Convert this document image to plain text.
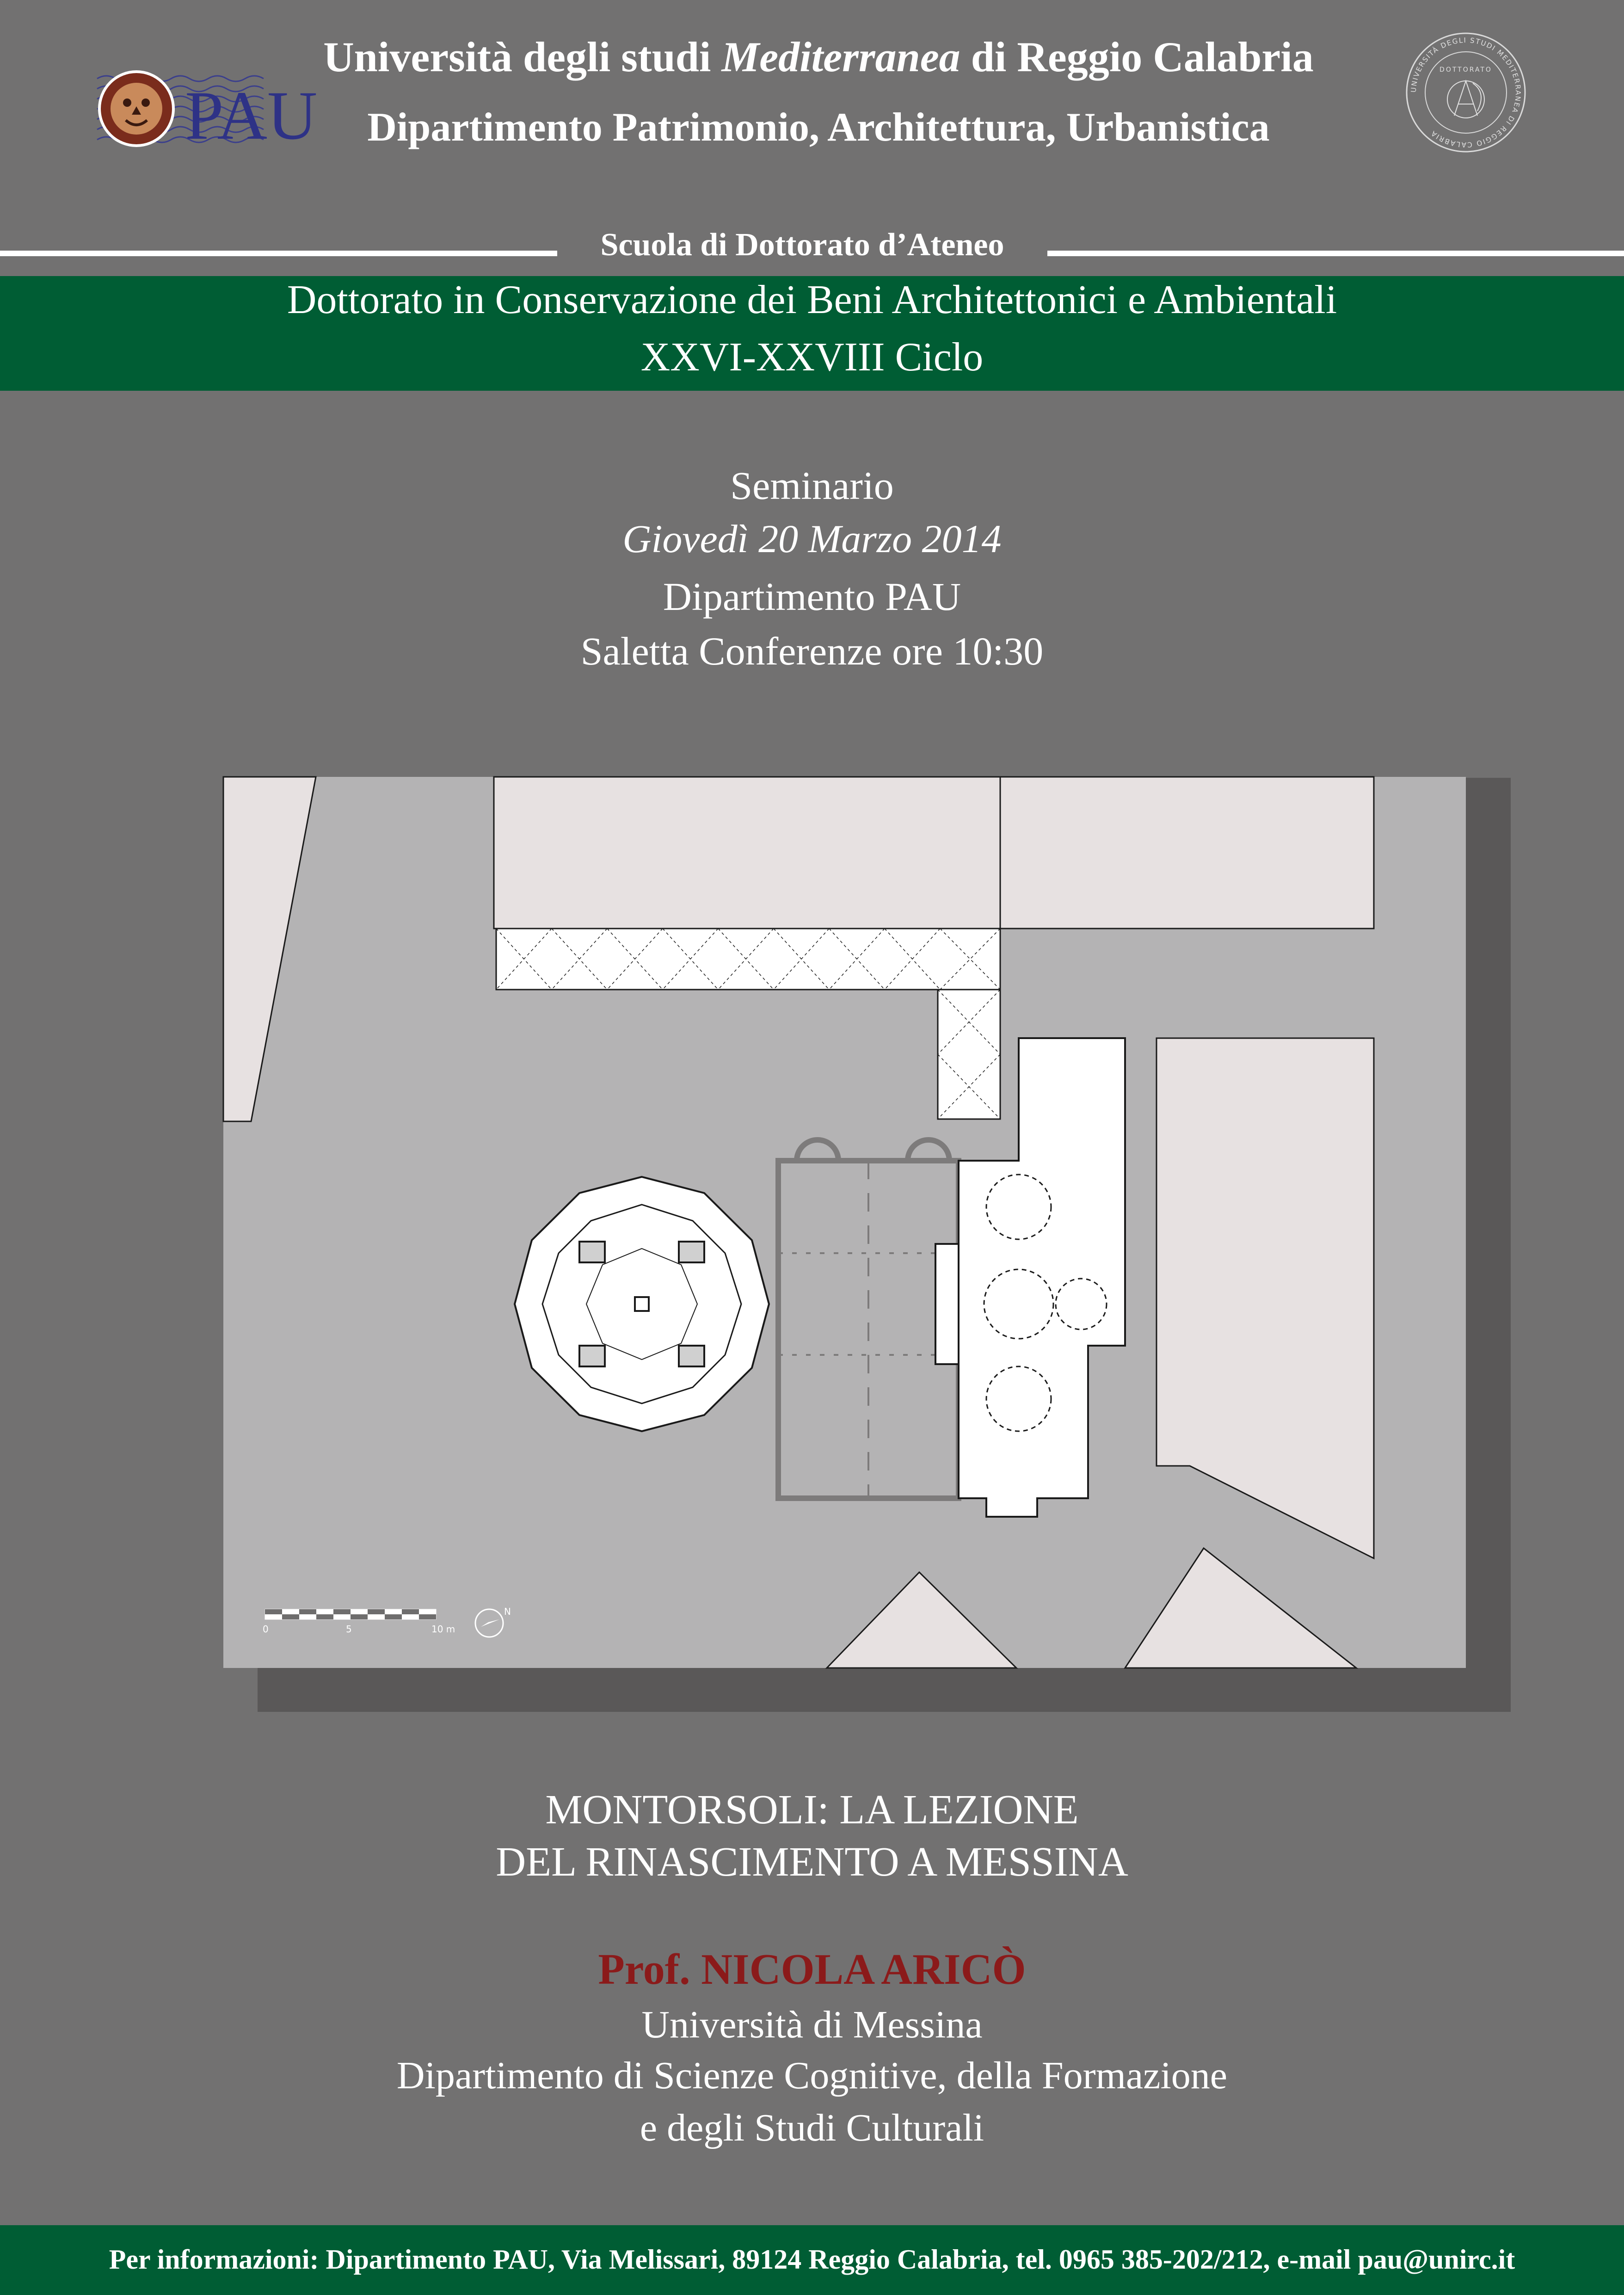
PAU	UNIVERSITÀ DEGLI STUDI MEDITERRANEA DI REGGIO CALABRIA
DOTTORATO
Università degli studi Mediterranea di Reggio Calabria
Dipartimento Patrimonio, Architettura, Urbanistica
Scuola di Dottorato d’Ateneo
Dottorato in Conservazione dei Beni Architettonici e Ambientali
XXVI-XXVIII Ciclo
Seminario
Giovedì 20 Marzo 2014
Dipartimento PAU
Saletta Conferenze ore 10:30
0	5	10 m
N
MONTORSOLI: LA LEZIONE
DEL RINASCIMENTO A MESSINA
Prof. NICOLA ARICÒ
Università di Messina
Dipartimento di Scienze Cognitive, della Formazione
e degli Studi Culturali
Per informazioni: Dipartimento PAU, Via Melissari, 89124 Reggio Calabria, tel. 0965 385-202/212, e-mail pau@unirc.it
